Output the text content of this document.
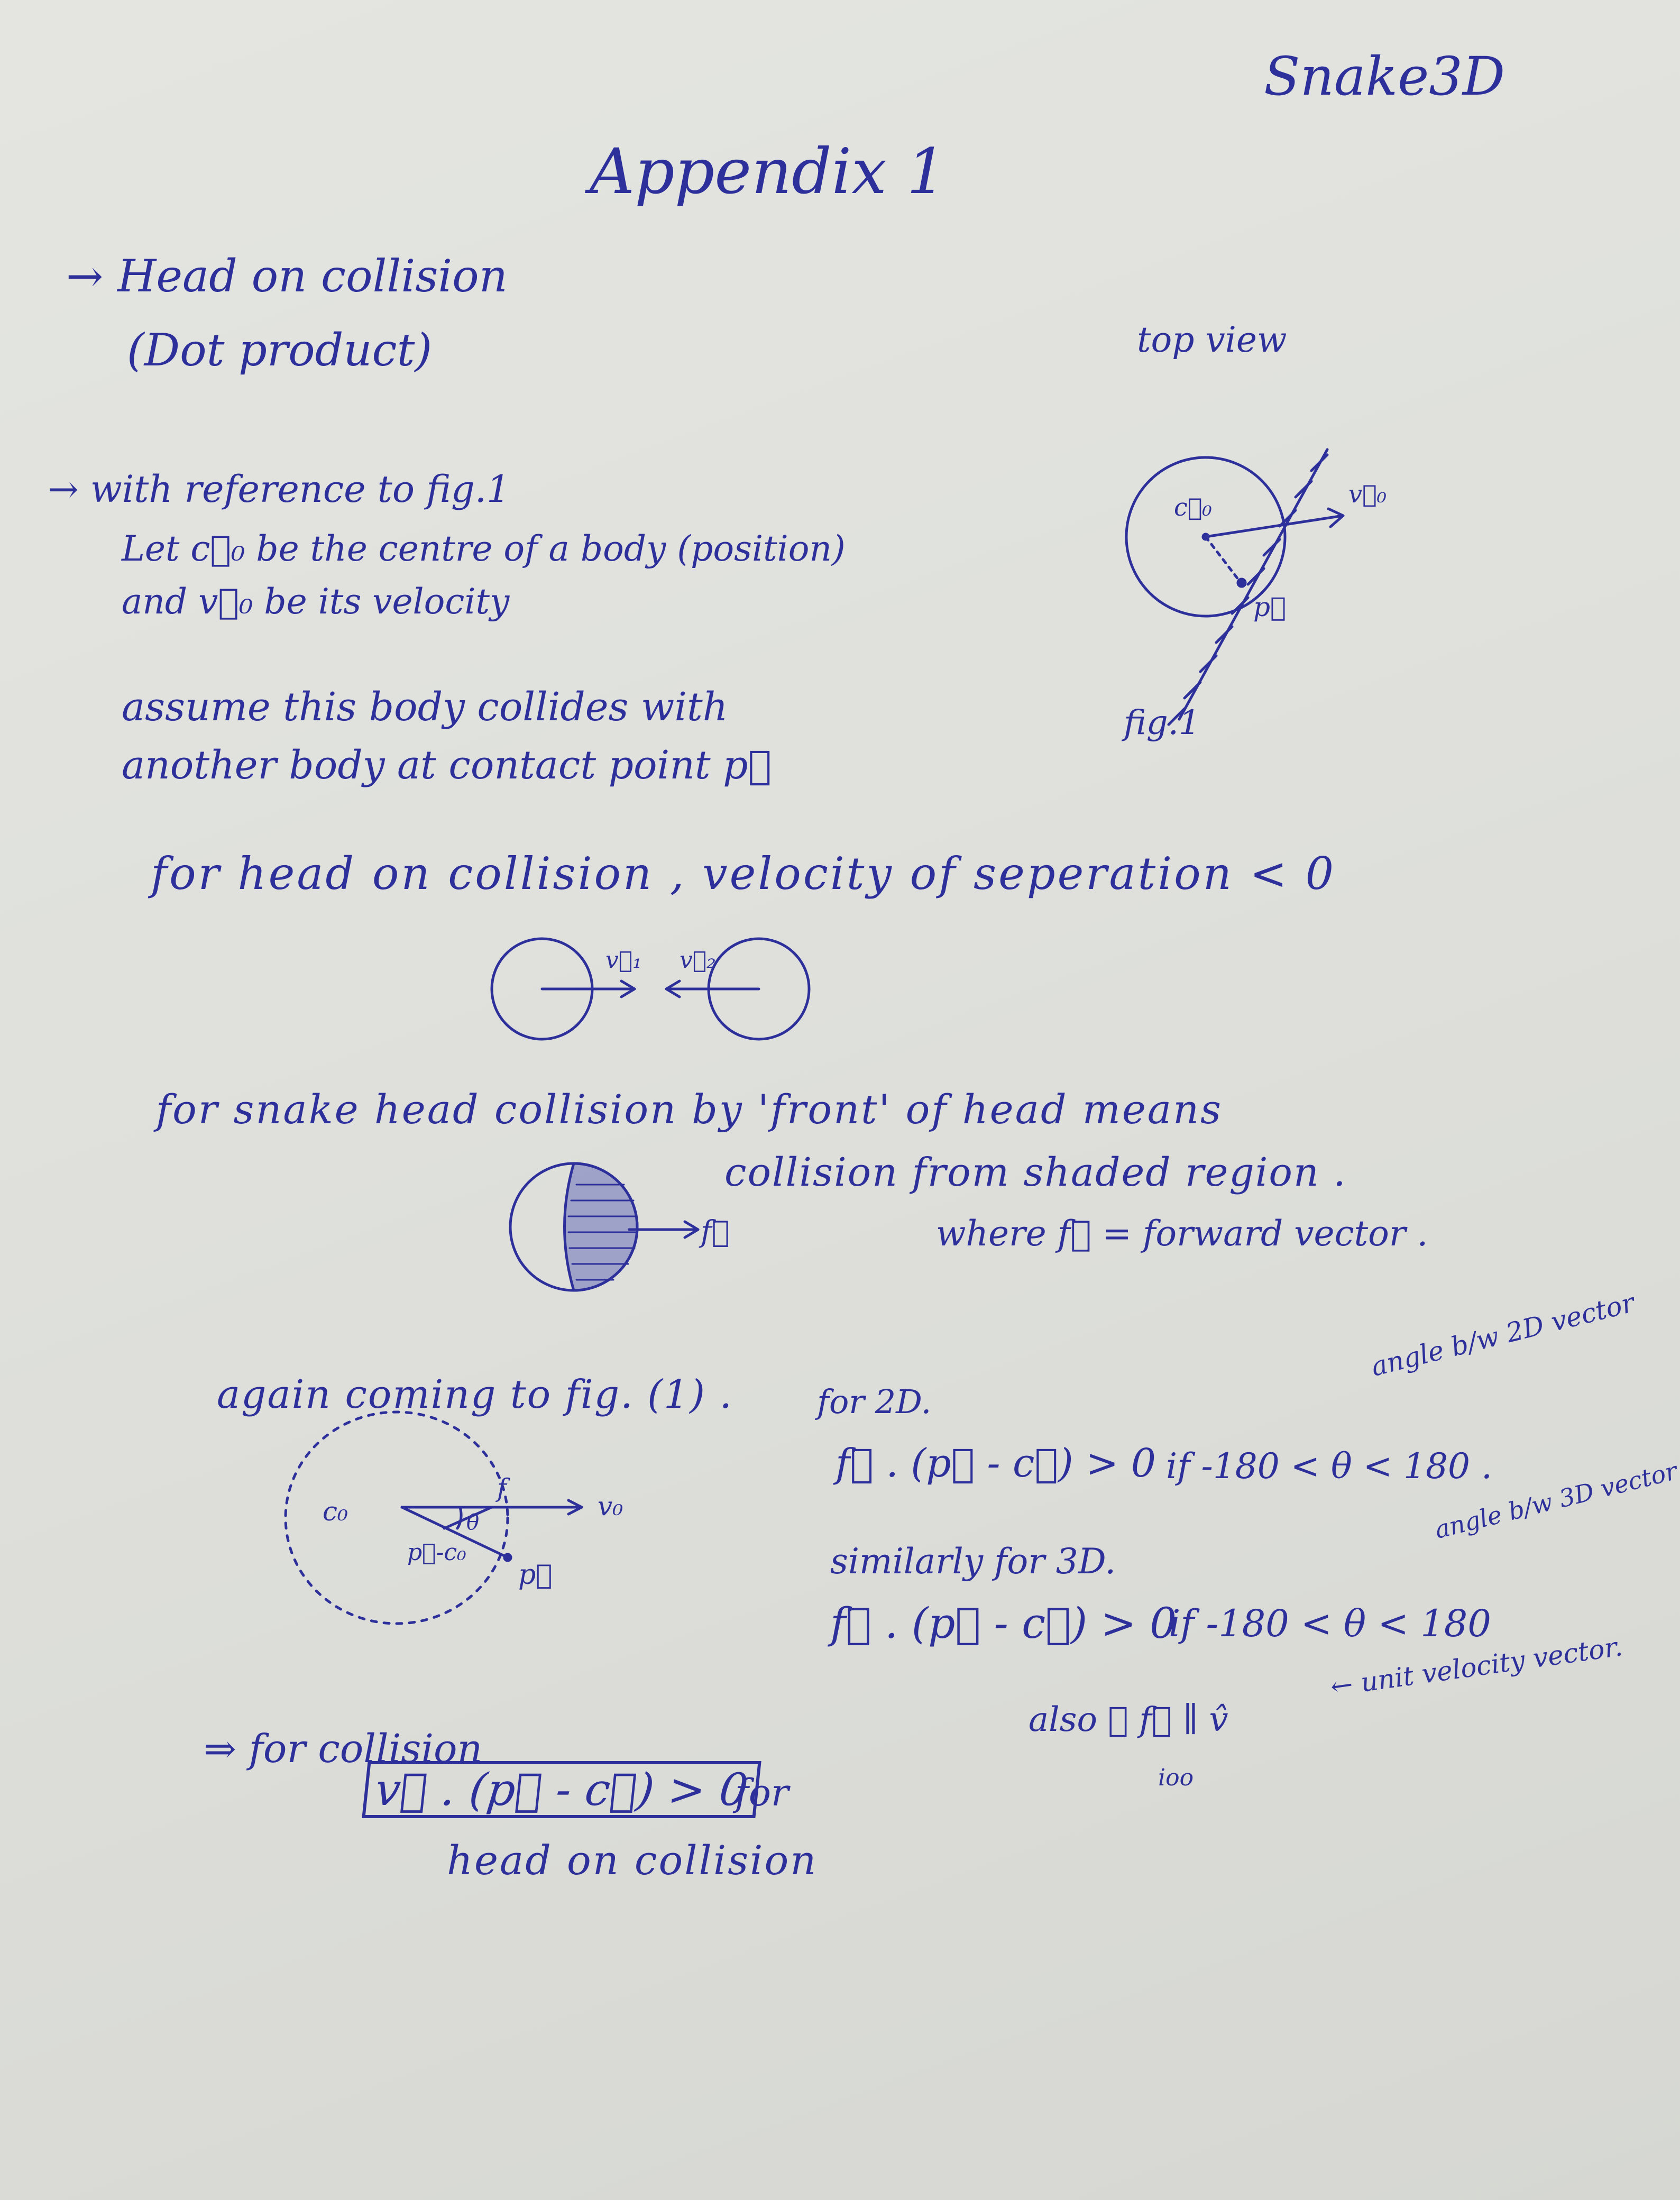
Snake3D
Appendix 1
→ Head on collision
(Dot product)	top view
→ with reference to fig.1
Let c⃗₀ be the centre of a body (position)
and v⃗₀ be its velocity
assume this body collides with
another body at contact point p⃗
c⃗₀	v⃗₀
p⃗
fig.1
for head on collision , velocity of seperation < 0
v⃗₁ v⃗₂
for snake head collision by 'front' of head means
f⃗
collision from shaded region .
where f⃗ = forward vector .
again coming to fig. (1) .
c₀
f
v₀
θ
p⃗-c₀
p⃗
for 2D.
angle b/w 2D vector
f⃗ . (p⃗ - c⃗) > 0 if -180 < θ < 180 .
similarly for 3D.
angle b/w 3D vector
f⃗ . (p⃗ - c⃗) > 0
if -180 < θ < 180
also ∴ f⃗ ∥ v̂
← unit velocity vector.
ioo
⇒ for collision
v⃗ . (p⃗ - c⃗) > 0
for
head on collision
